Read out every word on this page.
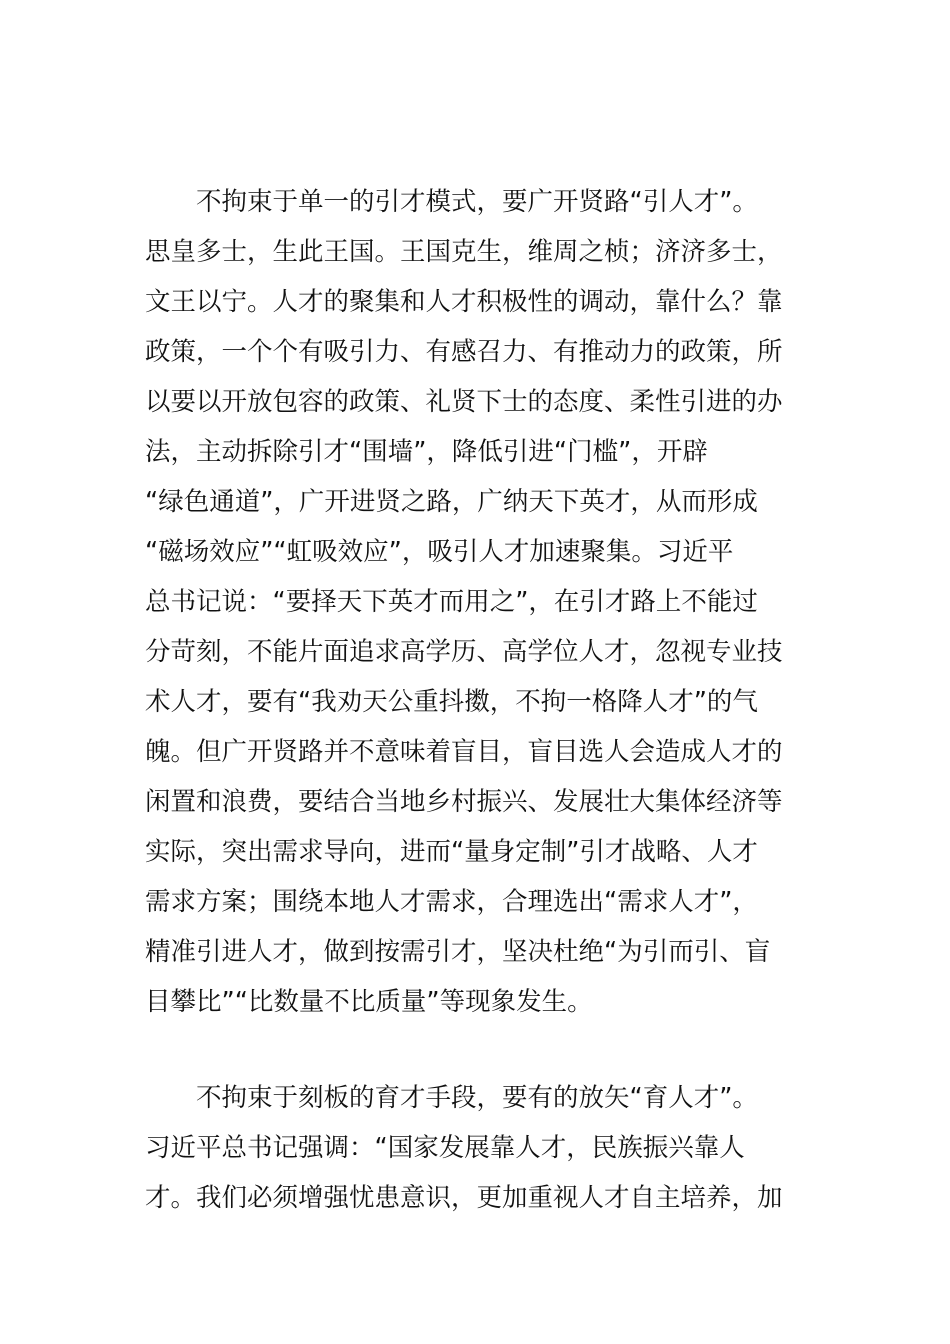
不拘束于单一的引才模式，要广开贤路“引人才”。
思皇多士，生此王国。王国克生，维周之桢；济济多士，
文王以宁。人才的聚集和人才积极性的调动，靠什么？靠
政策，一个个有吸引力、有感召力、有推动力的政策，所
以要以开放包容的政策、礼贤下士的态度、柔性引进的办
法，主动拆除引才“围墙”，降低引进“门槛”，开辟
“绿色通道”，广开进贤之路，广纳天下英才，从而形成
“磁场效应”“虹吸效应”，吸引人才加速聚集。习近平
总书记说：“要择天下英才而用之”，在引才路上不能过
分苛刻，不能片面追求高学历、高学位人才，忽视专业技
术人才，要有“我劝天公重抖擞，不拘一格降人才”的气
魄。但广开贤路并不意味着盲目，盲目选人会造成人才的
闲置和浪费，要结合当地乡村振兴、发展壮大集体经济等
实际，突出需求导向，进而“量身定制”引才战略、人才
需求方案；围绕本地人才需求，合理选出“需求人才”，
精准引进人才，做到按需引才，坚决杜绝“为引而引、盲
目攀比”“比数量不比质量”等现象发生。
不拘束于刻板的育才手段，要有的放矢“育人才”。
习近平总书记强调：“国家发展靠人才，民族振兴靠人
才。我们必须增强忧患意识，更加重视人才自主培养，加
